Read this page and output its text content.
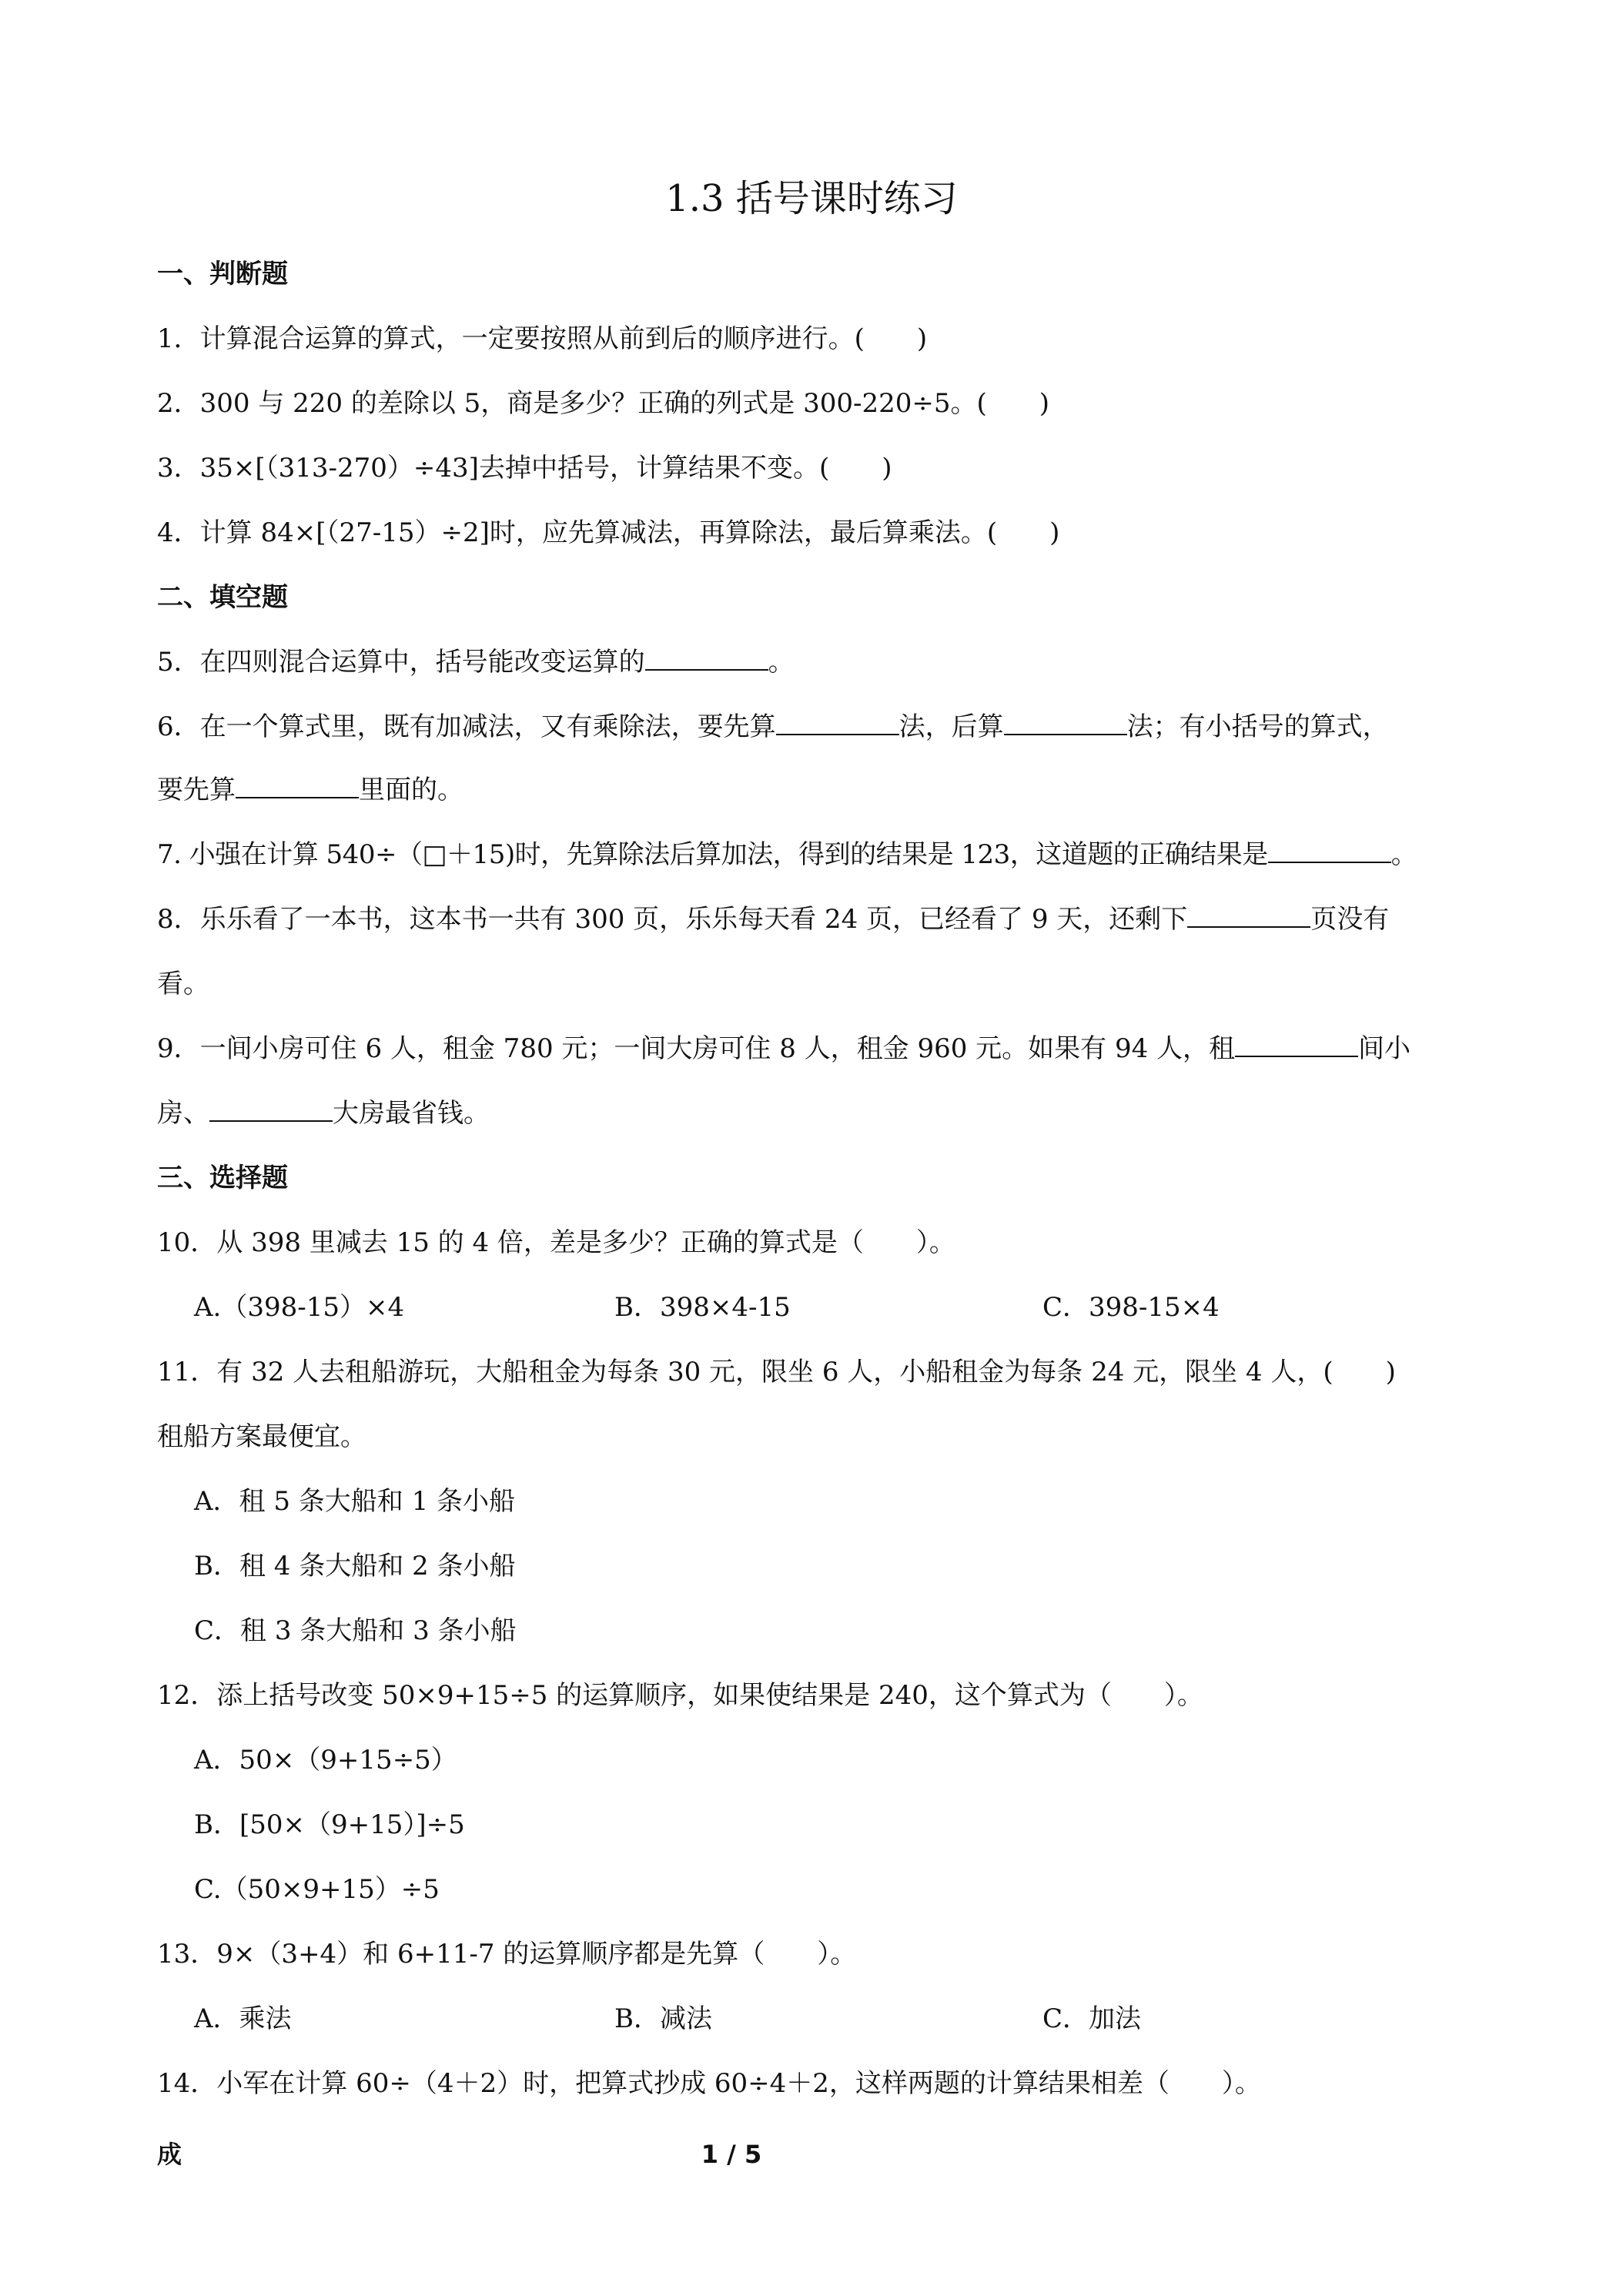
1.3 括号课时练习
一、判断题
1．计算混合运算的算式，一定要按照从前到后的顺序进行。(　　)
2．300 与 220 的差除以 5，商是多少？正确的列式是 300-220÷5。(　　)
3．35×[（313-270）÷43]去掉中括号，计算结果不变。(　　)
4．计算 84×[（27-15）÷2]时，应先算减法，再算除法，最后算乘法。(　　)
二、填空题
5．在四则混合运算中，括号能改变运算的	。
6．在一个算式里，既有加减法，又有乘除法，要先算	法，后算	法；有小括号的算式，
要先算	里面的。
7. 小强在计算 540÷（□＋15)时，先算除法后算加法，得到的结果是 123，这道题的正确结果是	。
8．乐乐看了一本书，这本书一共有 300 页，乐乐每天看 24 页，已经看了 9 天，还剩下	页没有
看。
9．一间小房可住 6 人，租金 780 元；一间大房可住 8 人，租金 960 元。如果有 94 人，租	间小
房、	大房最省钱。
三、选择题
10．从 398 里减去 15 的 4 倍，差是多少？正确的算式是（　　）。
A.（398-15）×4	B．398×4-15	C．398-15×4
11．有 32 人去租船游玩，大船租金为每条 30 元，限坐 6 人，小船租金为每条 24 元，限坐 4 人，(　　)
租船方案最便宜。
A．租 5 条大船和 1 条小船
B．租 4 条大船和 2 条小船
C．租 3 条大船和 3 条小船
12．添上括号改变 50×9+15÷5 的运算顺序，如果使结果是 240，这个算式为（　　）。
A．50×（9+15÷5）
B．[50×（9+15）]÷5
C.（50×9+15）÷5
13．9×（3+4）和 6+11-7 的运算顺序都是先算（　　）。
A．乘法	B．减法	C．加法
14．小军在计算 60÷（4＋2）时，把算式抄成 60÷4＋2，这样两题的计算结果相差（　　）。
成	1 / 5
